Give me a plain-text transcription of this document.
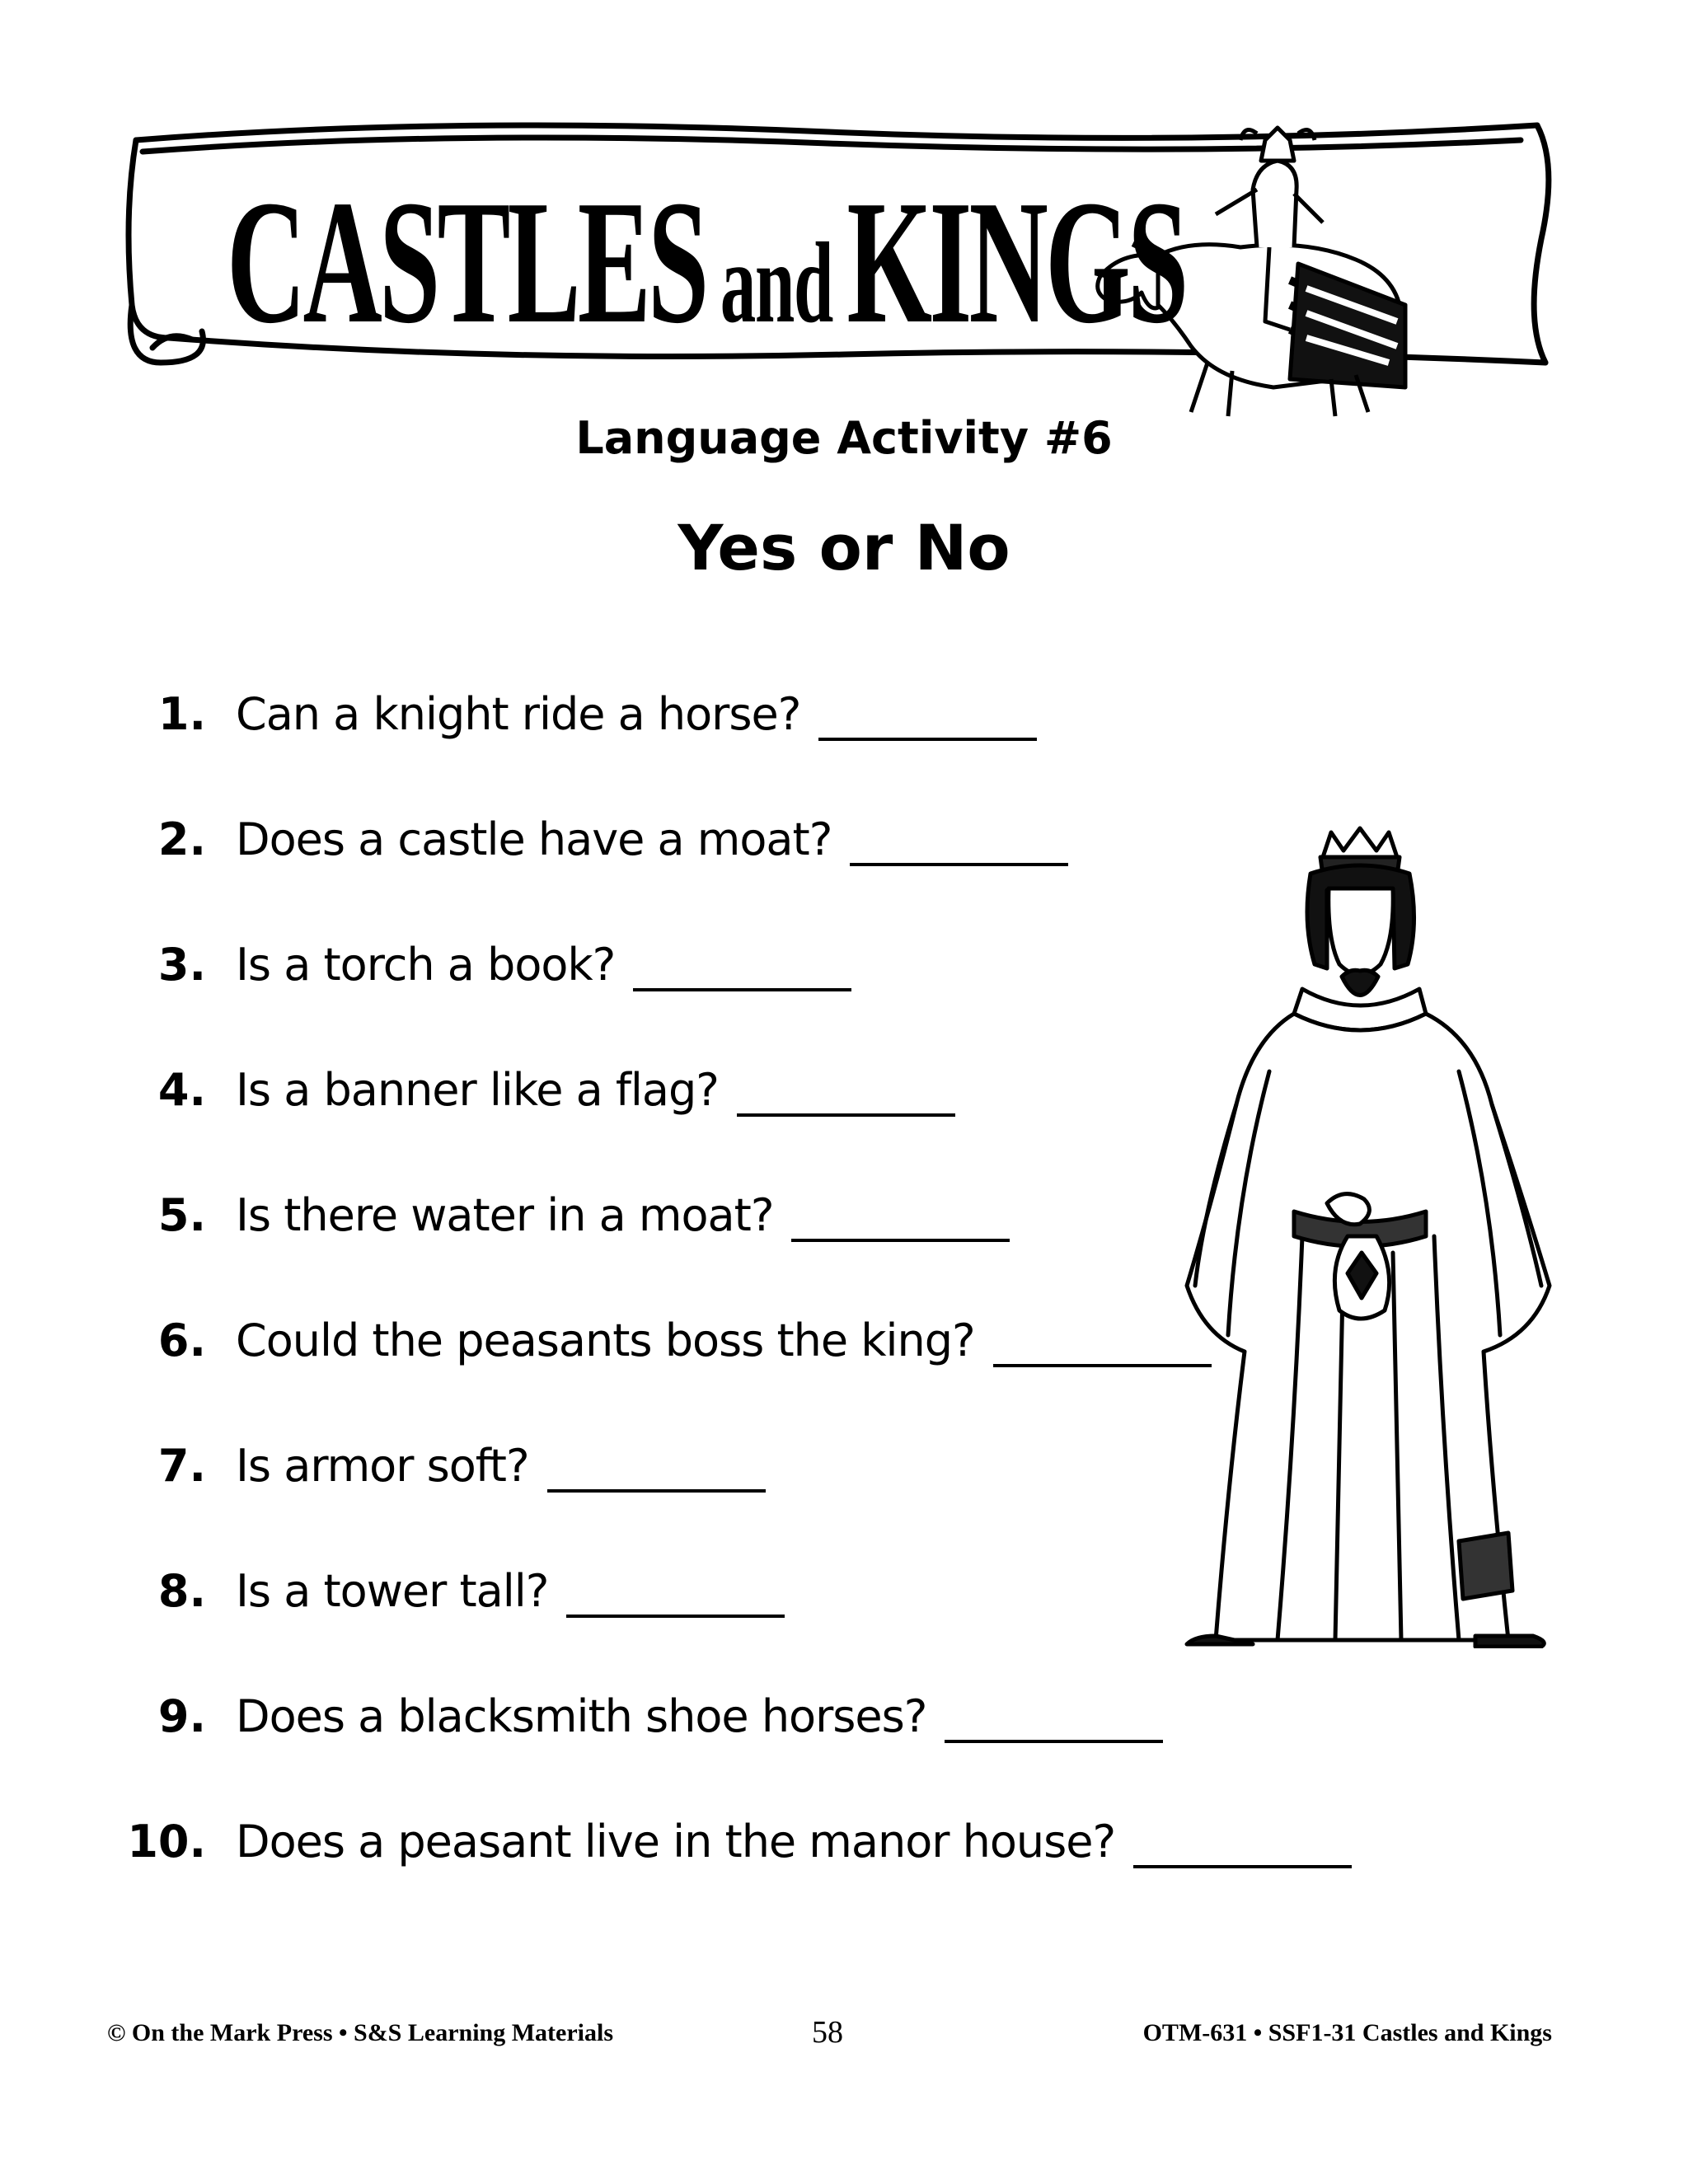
CASTLES andKINGS
Language Activity #6
Yes or No
1. Can a knight ride a horse?
2. Does a castle have a moat?
3. Is a torch a book?
4. Is a banner like a flag?
5. Is there water in a moat?
6. Could the peasants boss the king?
7. Is armor soft?
8. Is a tower tall?
9. Does a blacksmith shoe horses?
10. Does a peasant live in the manor house?
© On the Mark Press • S&S Learning Materials	58	OTM-631 • SSF1-31 Castles and Kings
